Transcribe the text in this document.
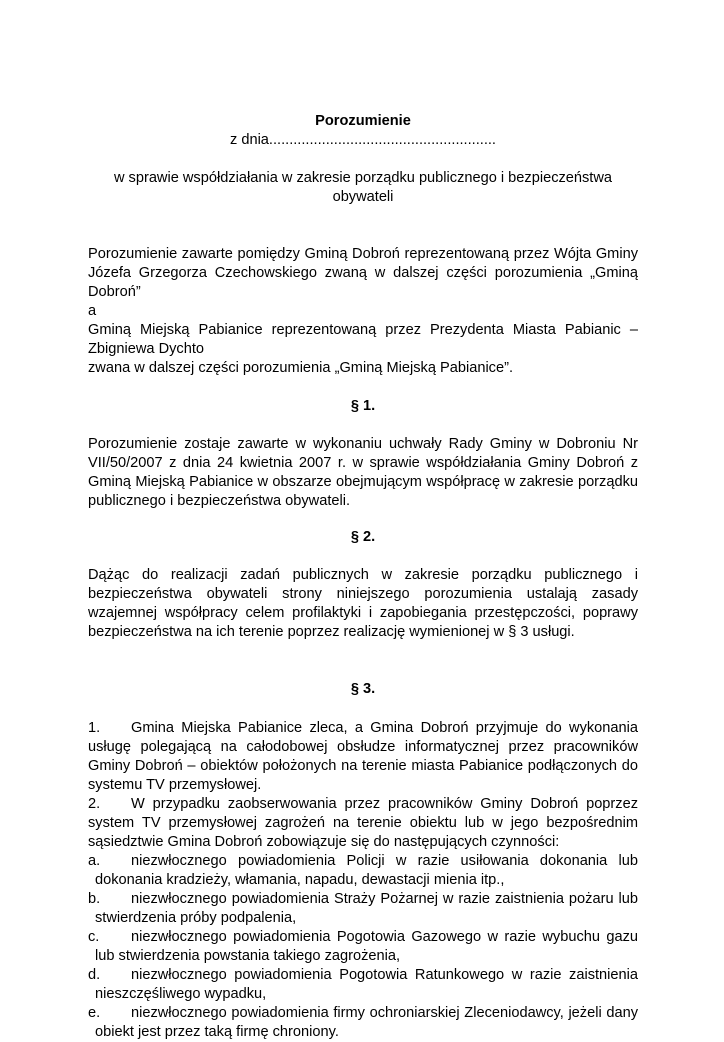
Porozumienie

z dnia........................................................

w sprawie współdziałania w zakresie porządku publicznego i bezpieczeństwa obywateli

Porozumienie zawarte pomiędzy Gminą Dobroń reprezentowaną przez Wójta Gminy Józefa Grzegorza Czechowskiego zwaną w dalszej części porozumienia „Gminą Dobroń”

a

Gminą Miejską Pabianice reprezentowaną przez Prezydenta Miasta Pabianic – Zbigniewa Dychto

zwana w dalszej części porozumienia „Gminą Miejską Pabianice”.

§ 1.

Porozumienie zostaje zawarte w wykonaniu uchwały Rady Gminy w Dobroniu Nr VII/50/2007 z dnia 24 kwietnia 2007 r. w sprawie współdziałania Gminy Dobroń z Gminą Miejską Pabianice w obszarze obejmującym współpracę w zakresie porządku publicznego i bezpieczeństwa obywateli.

§ 2.

Dążąc do realizacji zadań publicznych w zakresie porządku publicznego i bezpieczeństwa obywateli strony niniejszego porozumienia ustalają zasady wzajemnej współpracy celem profilaktyki i zapobiegania przestępczości, poprawy bezpieczeństwa na ich terenie poprzez realizację wymienionej w § 3 usługi.

§ 3.

1. Gmina Miejska Pabianice zleca, a Gmina Dobroń przyjmuje do wykonania usługę polegającą na całodobowej obsłudze informatycznej przez pracowników Gminy Dobroń – obiektów położonych na terenie miasta Pabianice podłączonych do systemu TV przemysłowej.

2. W przypadku zaobserwowania przez pracowników Gminy Dobroń poprzez system TV przemysłowej zagrożeń na terenie obiektu lub w jego bezpośrednim sąsiedztwie Gmina Dobroń zobowiązuje się do następujących czynności:

a. niezwłocznego powiadomienia Policji w razie usiłowania dokonania lub dokonania kradzieży, włamania, napadu, dewastacji mienia itp.,

b. niezwłocznego powiadomienia Straży Pożarnej w razie zaistnienia pożaru lub stwierdzenia próby podpalenia,

c. niezwłocznego powiadomienia Pogotowia Gazowego w razie wybuchu gazu lub stwierdzenia powstania takiego zagrożenia,

d. niezwłocznego powiadomienia Pogotowia Ratunkowego w razie zaistnienia nieszczęśliwego wypadku,

e. niezwłocznego powiadomienia firmy ochroniarskiej Zleceniodawcy, jeżeli dany obiekt jest przez taką firmę chroniony.
